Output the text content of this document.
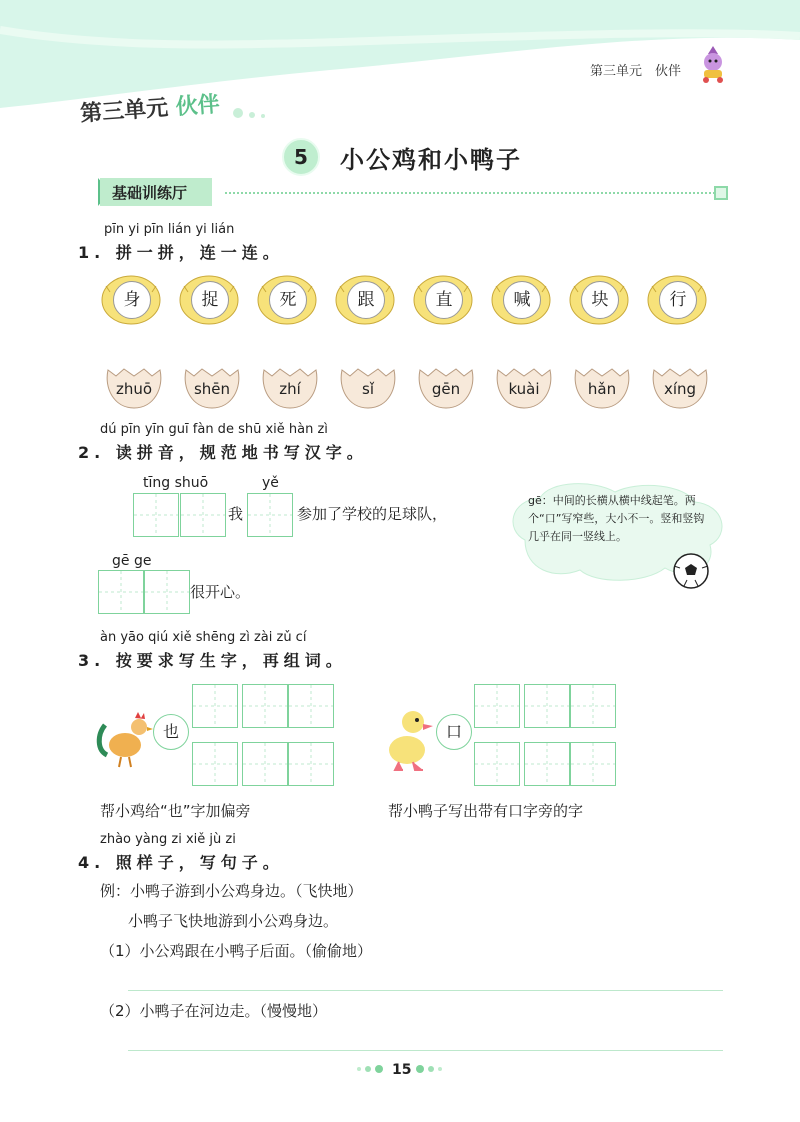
第三单元　伙伴
第三单元 伙伴
5	小公鸡和小鸭子
基础训练厅
pīn yi pīn lián yi lián
1. 拼一拼，连一连。
身	捉	死	跟	直	喊	块	行
zhuō	shēn	zhí	sǐ	gēn	kuài	hǎn	xíng
dú pīn yīn guī fàn de shū xiě hàn zì
2. 读拼音，规范地书写汉字。
tīng shuō	yě
我	参加了学校的足球队，
gē ge
很开心。
gē：中间的长横从横中线起笔。两个“口”写窄些，大小不一。竖和竖钩几乎在同一竖线上。
àn yāo qiú xiě shēng zì zài zǔ cí
3. 按要求写生字，再组词。
也	口
帮小鸡给“也”字加偏旁	帮小鸭子写出带有口字旁的字
zhào yàng zi xiě jù zi
4. 照样子，写句子。
例：小鸭子游到小公鸡身边。（飞快地）
小鸭子飞快地游到小公鸡身边。
（1）小公鸡跟在小鸭子后面。（偷偷地）
（2）小鸭子在河边走。（慢慢地）
15
